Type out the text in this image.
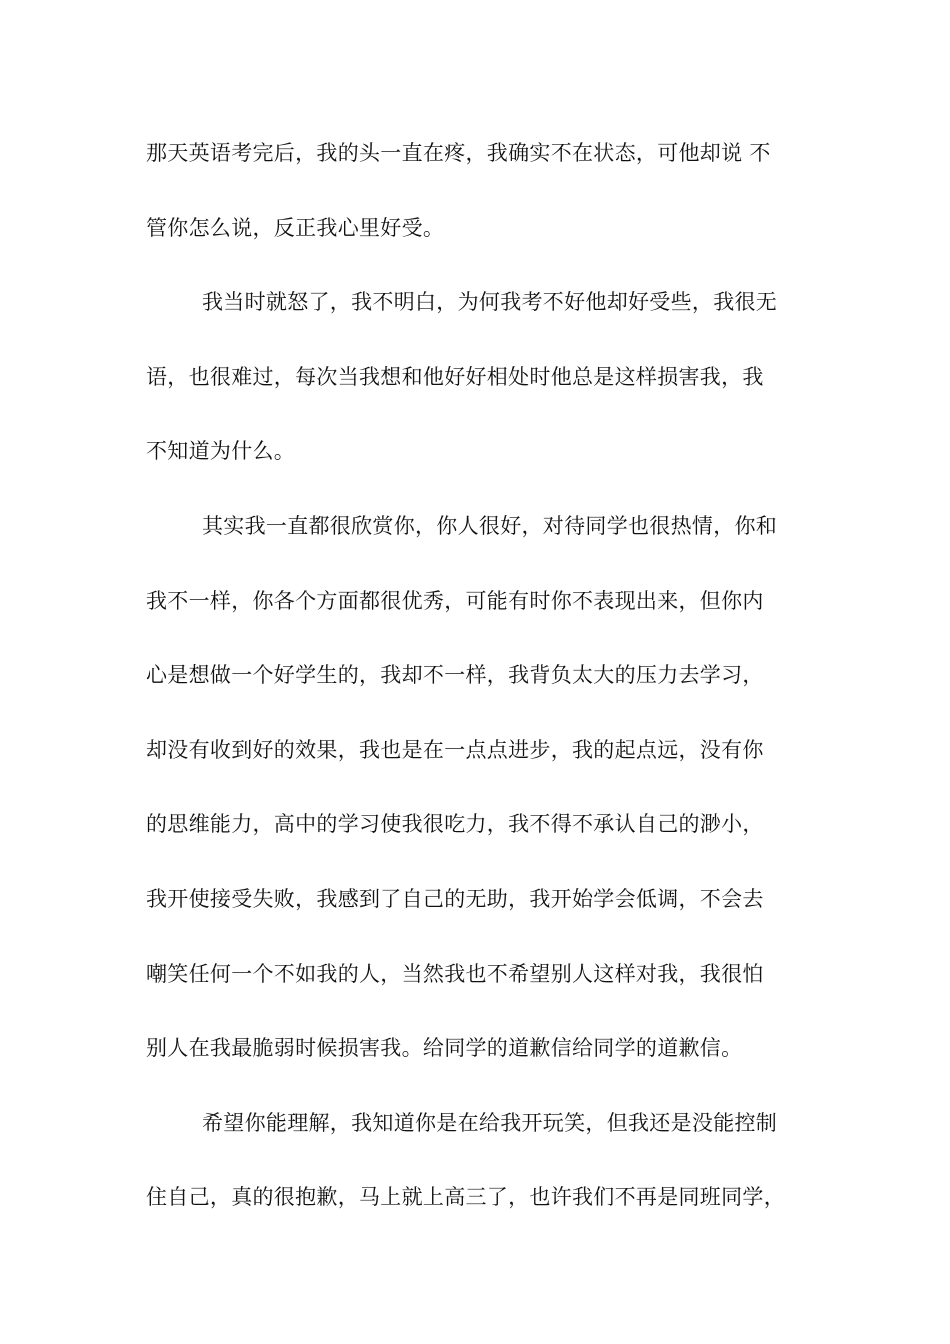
那天英语考完后，我的头一直在疼，我确实不在状态，可他却说 不
管你怎么说，反正我心里好受。
我当时就怒了，我不明白，为何我考不好他却好受些，我很无
语，也很难过，每次当我想和他好好相处时他总是这样损害我，我
不知道为什么。
其实我一直都很欣赏你，你人很好，对待同学也很热情，你和
我不一样，你各个方面都很优秀，可能有时你不表现出来，但你内
心是想做一个好学生的，我却不一样，我背负太大的压力去学习，
却没有收到好的效果，我也是在一点点进步，我的起点远，没有你
的思维能力，高中的学习使我很吃力，我不得不承认自己的渺小，
我开使接受失败，我感到了自己的无助，我开始学会低调，不会去
嘲笑任何一个不如我的人，当然我也不希望别人这样对我，我很怕
别人在我最脆弱时候损害我。给同学的道歉信给同学的道歉信。
希望你能理解，我知道你是在给我开玩笑，但我还是没能控制
住自己，真的很抱歉，马上就上高三了，也许我们不再是同班同学，
